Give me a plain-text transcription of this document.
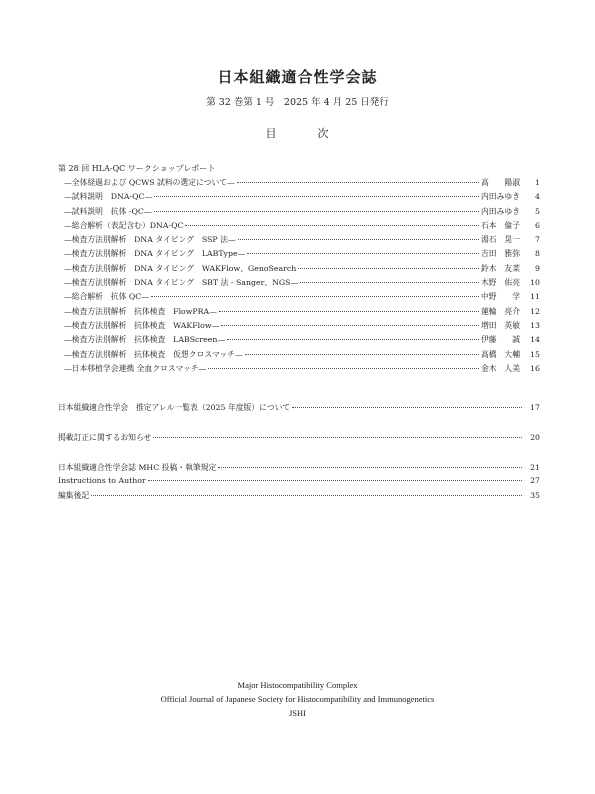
日本組織適合性学会誌
第 32 巻第 1 号　2025 年 4 月 25 日発行
目	次
第 28 回 HLA-QC ワークショップレポート
—全体経過および QCWS 試料の選定について—	高　　陽淑	1
—試料説明　DNA-QC—	内田みゆき	4
—試料説明　抗体 -QC—	内田みゆき	5
—総合解析（表記含む）DNA-QC	石本　倫子	6
—検査方法別解析　DNA タイピング　SSP 法—	湯石　晃一	7
—検査方法別解析　DNA タイピング　LABType—	吉田　雅弥	8
—検査方法別解析　DNA タイピング　WAKFlow、GenoSearch	鈴木　友菜	9
—検査方法別解析　DNA タイピング　SBT 法 - Sanger、NGS—	木野　佑亮	10
—総合解析　抗体 QC—	中野　　学	11
—検査方法別解析　抗体検査　FlowPRA—	蓮輪　亮介	12
—検査方法別解析　抗体検査　WAKFlow—	増田　英敏	13
—検査方法別解析　抗体検査　LABScreen—	伊藤　　誠	14
—検査方法別解析　抗体検査　仮想クロスマッチ—	高橋　大輔	15
—日本移植学会連携 全血クロスマッチ—	金木　人美	16
日本組織適合性学会　推定アレル一覧表（2025 年度版）について	17
掲載訂正に関するお知らせ	20
日本組織適合性学会誌 MHC 投稿・執筆規定	21
Instructions to Author	27
編集後記	35
Major Histocompatibility Complex
Official Journal of Japanese Society for Histocompatibility and Immunogenetics
JSHI
